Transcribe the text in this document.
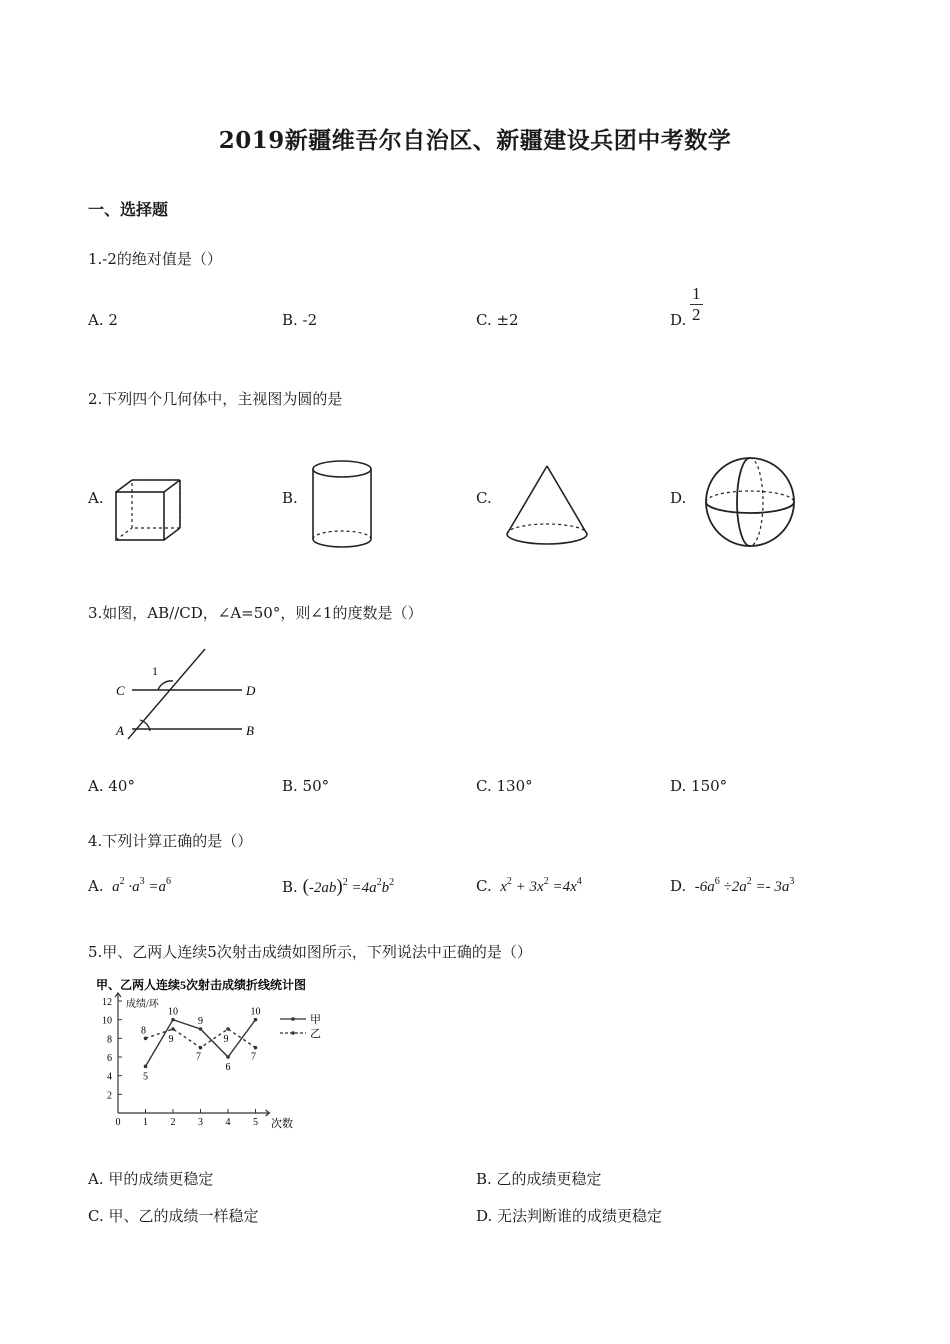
2019新疆维吾尔自治区、新疆建设兵团中考数学
一、选择题
1.-2的绝对值是（）
A. 2	B. -2	C. ±2	D. $\frac{1}{2}$
2.下列四个几何体中，主视图为圆的是
A.	B.	C.	D.
3.如图，AB//CD，∠A=50°，则∠1的度数是（）
C	D
A	B
1
A. 40°	B. 50°	C. 130°	D. 150°
4.下列计算正确的是（）
A.  $a^2 \cdot a^3 =a^6$	B. $(-2ab)^2 =4a^2b^2$	C.  $x^2 + 3x^2 =4x^4$	D.  $-6a^6 \div 2a^2 =- 3a^3$
5.甲、乙两人连续5次射击成绩如图所示，下列说法中正确的是（）
甲、乙两人连续5次射击成绩折线统计图
成绩/环
次数
0 1 2 3 4 5
2
4
6
8
10
12
5
10
9
6
10
8
9
7
9
7
甲
乙
A. 甲的成绩更稳定	B. 乙的成绩更稳定
C. 甲、乙的成绩一样稳定	D. 无法判断谁的成绩更稳定
